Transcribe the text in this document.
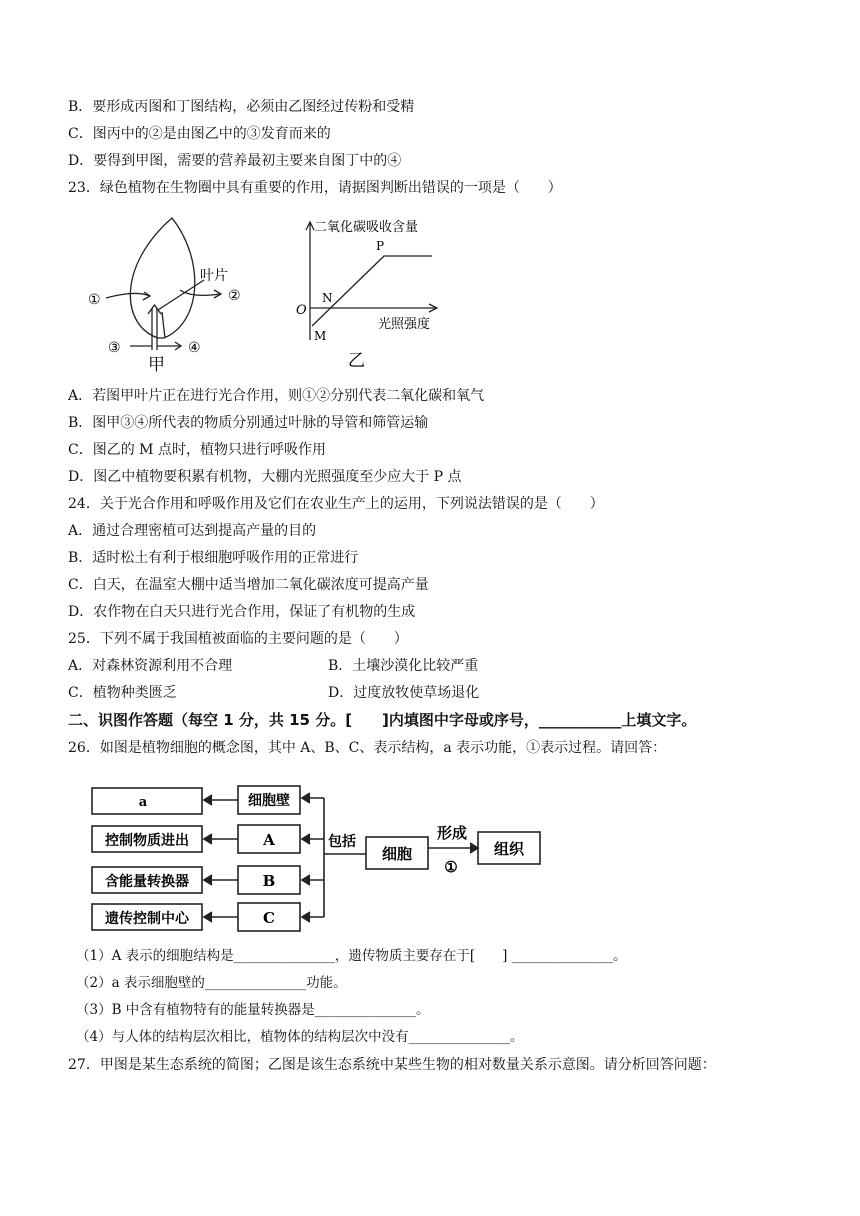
B．要形成丙图和丁图结构，必须由乙图经过传粉和受精
C．图丙中的②是由图乙中的③发育而来的
D．要得到甲图，需要的营养最初主要来自图丁中的④
23．绿色植物在生物圈中具有重要的作用，请据图判断出错误的一项是（　　）
叶片
①	②
③	④
甲
二氧化碳吸收含量
光照强度
O
P
N
M
乙
A．若图甲叶片正在进行光合作用，则①②分别代表二氧化碳和氧气
B．图甲③④所代表的物质分别通过叶脉的导管和筛管运输
C．图乙的 M 点时，植物只进行呼吸作用
D．图乙中植物要积累有机物，大棚内光照强度至少应大于 P 点
24．关于光合作用和呼吸作用及它们在农业生产上的运用，下列说法错误的是（　　）
A．通过合理密植可达到提高产量的目的
B．适时松土有利于根细胞呼吸作用的正常进行
C．白天，在温室大棚中适当增加二氧化碳浓度可提高产量
D．农作物在白天只进行光合作用，保证了有机物的生成
25．下列不属于我国植被面临的主要问题的是（　　）
A．对森林资源利用不合理	B．土壤沙漠化比较严重
C．植物种类匮乏	D．过度放牧使草场退化
二、识图作答题（每空 1 分，共 15 分。[　　]内填图中字母或序号，___________上填文字。
26．如图是植物细胞的概念图，其中 A、B、C、表示结构，a 表示功能，①表示过程。请回答：
a
控制物质进出
含能量转换器
遗传控制中心
细胞壁
A
B
C
包括
细胞
形成
①
组织
（1）A 表示的细胞结构是_______________，遗传物质主要存在于[　　] _______________。
（2）a 表示细胞壁的_______________功能。
（3）B 中含有植物特有的能量转换器是_______________。
（4）与人体的结构层次相比，植物体的结构层次中没有_______________。
27．甲图是某生态系统的简图；乙图是该生态系统中某些生物的相对数量关系示意图。请分析回答问题：
